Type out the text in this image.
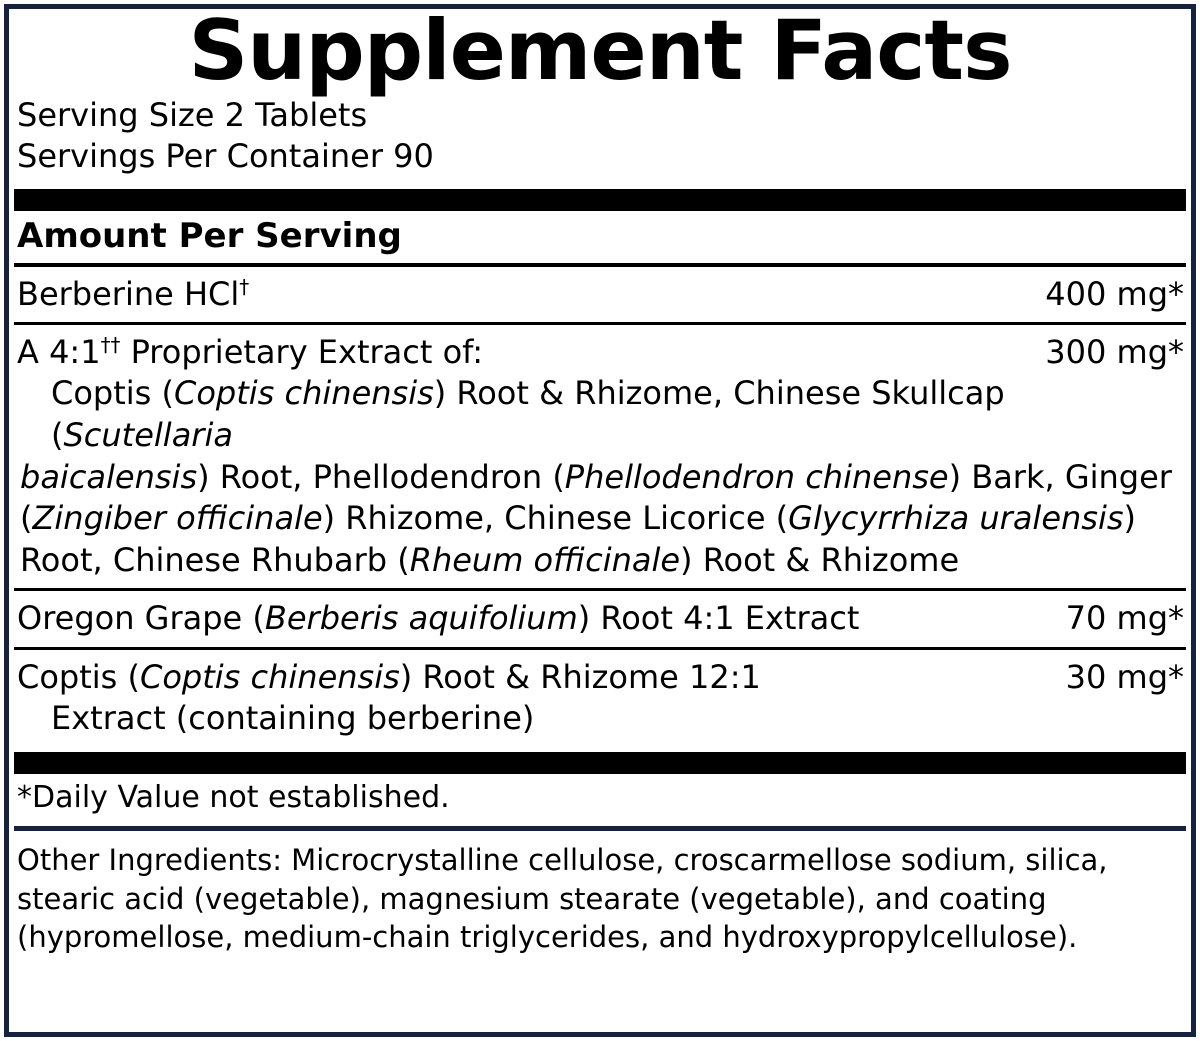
Supplement Facts
Serving Size 2 Tablets
Servings Per Container 90
Amount Per Serving
Berberine HCl†	400 mg*
A 4:1†† Proprietary Extract of:	300 mg*
Coptis (Coptis chinensis) Root & Rhizome, Chinese Skullcap (Scutellaria
baicalensis) Root, Phellodendron (Phellodendron chinense) Bark, Ginger
(Zingiber officinale) Rhizome, Chinese Licorice (Glycyrrhiza uralensis)
Root, Chinese Rhubarb (Rheum officinale) Root & Rhizome
Oregon Grape (Berberis aquifolium) Root 4:1 Extract	70 mg*
Coptis (Coptis chinensis) Root & Rhizome 12:1	30 mg*
Extract (containing berberine)
*Daily Value not established.
Other Ingredients: Microcrystalline cellulose, croscarmellose sodium, silica,
stearic acid (vegetable), magnesium stearate (vegetable), and coating
(hypromellose, medium-chain triglycerides, and hydroxypropylcellulose).
